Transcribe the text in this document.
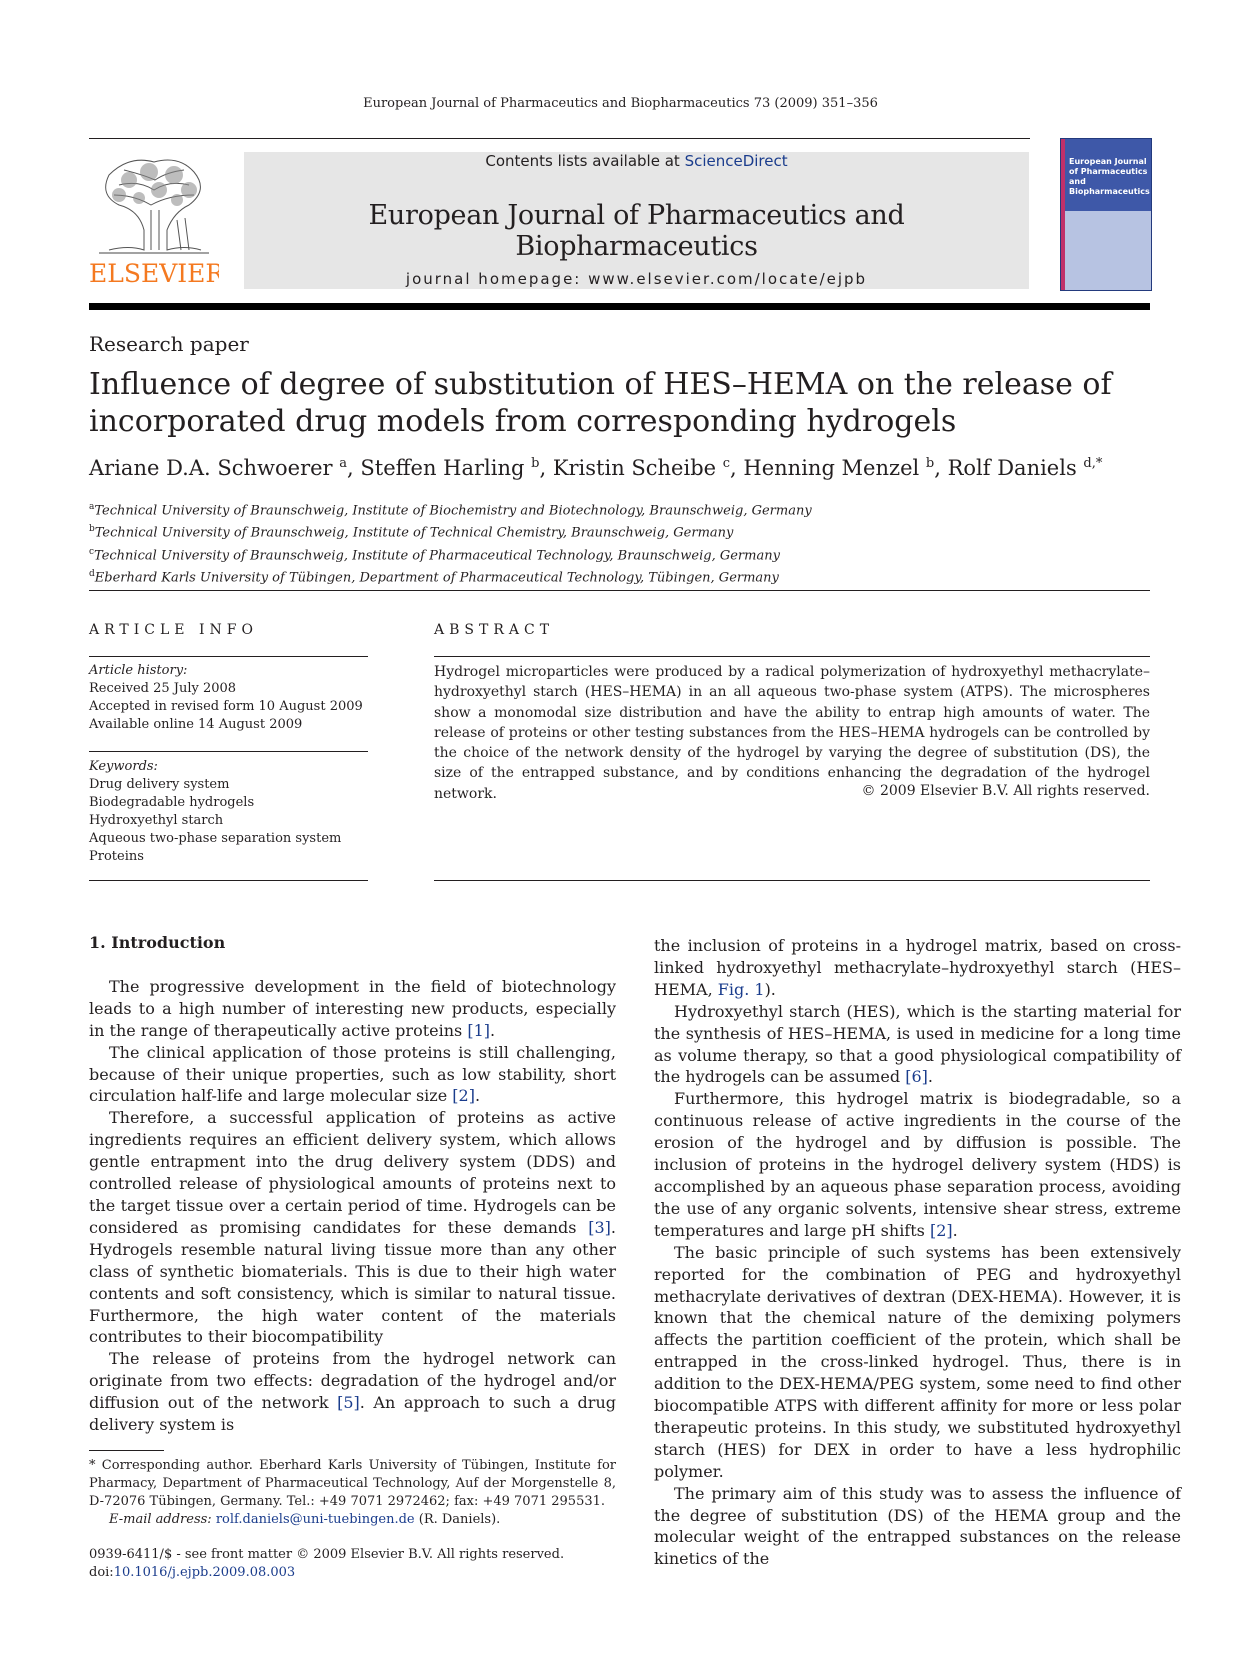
European Journal of Pharmaceutics and Biopharmaceutics 73 (2009) 351–356
ELSEVIER
Contents lists available at ScienceDirect
European Journal of Pharmaceutics and Biopharmaceutics
journal homepage: www.elsevier.com/locate/ejpb
European Journal of Pharmaceutics and Biopharmaceutics
Research paper
Influence of degree of substitution of HES–HEMA on the release of incorporated drug models from corresponding hydrogels
Ariane D.A. Schwoerer $^a$, Steffen Harling $^b$, Kristin Scheibe $^c$, Henning Menzel $^b$, Rolf Daniels $^{d,*}$
$^a$Technical University of Braunschweig, Institute of Biochemistry and Biotechnology, Braunschweig, Germany
$^b$Technical University of Braunschweig, Institute of Technical Chemistry, Braunschweig, Germany
$^c$Technical University of Braunschweig, Institute of Pharmaceutical Technology, Braunschweig, Germany
$^d$Eberhard Karls University of Tübingen, Department of Pharmaceutical Technology, Tübingen, Germany
ARTICLE INFO	ABSTRACT
Article history:
Received 25 July 2008
Accepted in revised form 10 August 2009
Available online 14 August 2009
Keywords:
Drug delivery system
Biodegradable hydrogels
Hydroxyethyl starch
Aqueous two-phase separation system
Proteins
Hydrogel microparticles were produced by a radical polymerization of hydroxyethyl methacrylate–hydroxyethyl starch (HES–HEMA) in an all aqueous two-phase system (ATPS). The microspheres show a monomodal size distribution and have the ability to entrap high amounts of water. The release of proteins or other testing substances from the HES–HEMA hydrogels can be controlled by the choice of the network density of the hydrogel by varying the degree of substitution (DS), the size of the entrapped substance, and by conditions enhancing the degradation of the hydrogel network.	© 2009 Elsevier B.V. All rights reserved.

1. Introduction

The progressive development in the field of biotechnology leads to a high number of interesting new products, especially in the range of therapeutically active proteins [1].

The clinical application of those proteins is still challenging, because of their unique properties, such as low stability, short circulation half-life and large molecular size [2].

Therefore, a successful application of proteins as active ingredients requires an efficient delivery system, which allows gentle entrapment into the drug delivery system (DDS) and controlled release of physiological amounts of proteins next to the target tissue over a certain period of time. Hydrogels can be considered as promising candidates for these demands [3]. Hydrogels resemble natural living tissue more than any other class of synthetic biomaterials. This is due to their high water contents and soft consistency, which is similar to natural tissue. Furthermore, the high water content of the materials contributes to their biocompatibility

The release of proteins from the hydrogel network can originate from two effects: degradation of the hydrogel and/or diffusion out of the network [5]. An approach to such a drug delivery system is

the inclusion of proteins in a hydrogel matrix, based on cross-linked hydroxyethyl methacrylate–hydroxyethyl starch (HES–HEMA, Fig. 1).

Hydroxyethyl starch (HES), which is the starting material for the synthesis of HES–HEMA, is used in medicine for a long time as volume therapy, so that a good physiological compatibility of the hydrogels can be assumed [6].

Furthermore, this hydrogel matrix is biodegradable, so a continuous release of active ingredients in the course of the erosion of the hydrogel and by diffusion is possible. The inclusion of proteins in the hydrogel delivery system (HDS) is accomplished by an aqueous phase separation process, avoiding the use of any organic solvents, intensive shear stress, extreme temperatures and large pH shifts [2].

The basic principle of such systems has been extensively reported for the combination of PEG and hydroxyethyl methacrylate derivatives of dextran (DEX-HEMA). However, it is known that the chemical nature of the demixing polymers affects the partition coefficient of the protein, which shall be entrapped in the cross-linked hydrogel. Thus, there is in addition to the DEX-HEMA/PEG system, some need to find other biocompatible ATPS with different affinity for more or less polar therapeutic proteins. In this study, we substituted hydroxyethyl starch (HES) for DEX in order to have a less hydrophilic polymer.

The primary aim of this study was to assess the influence of the degree of substitution (DS) of the HEMA group and the molecular weight of the entrapped substances on the release kinetics of the

* Corresponding author. Eberhard Karls University of Tübingen, Institute for Pharmacy, Department of Pharmaceutical Technology, Auf der Morgenstelle 8, D-72076 Tübingen, Germany. Tel.: +49 7071 2972462; fax: +49 7071 295531.
E-mail address: rolf.daniels@uni-tuebingen.de (R. Daniels).
0939-6411/$ - see front matter © 2009 Elsevier B.V. All rights reserved.
doi:10.1016/j.ejpb.2009.08.003
